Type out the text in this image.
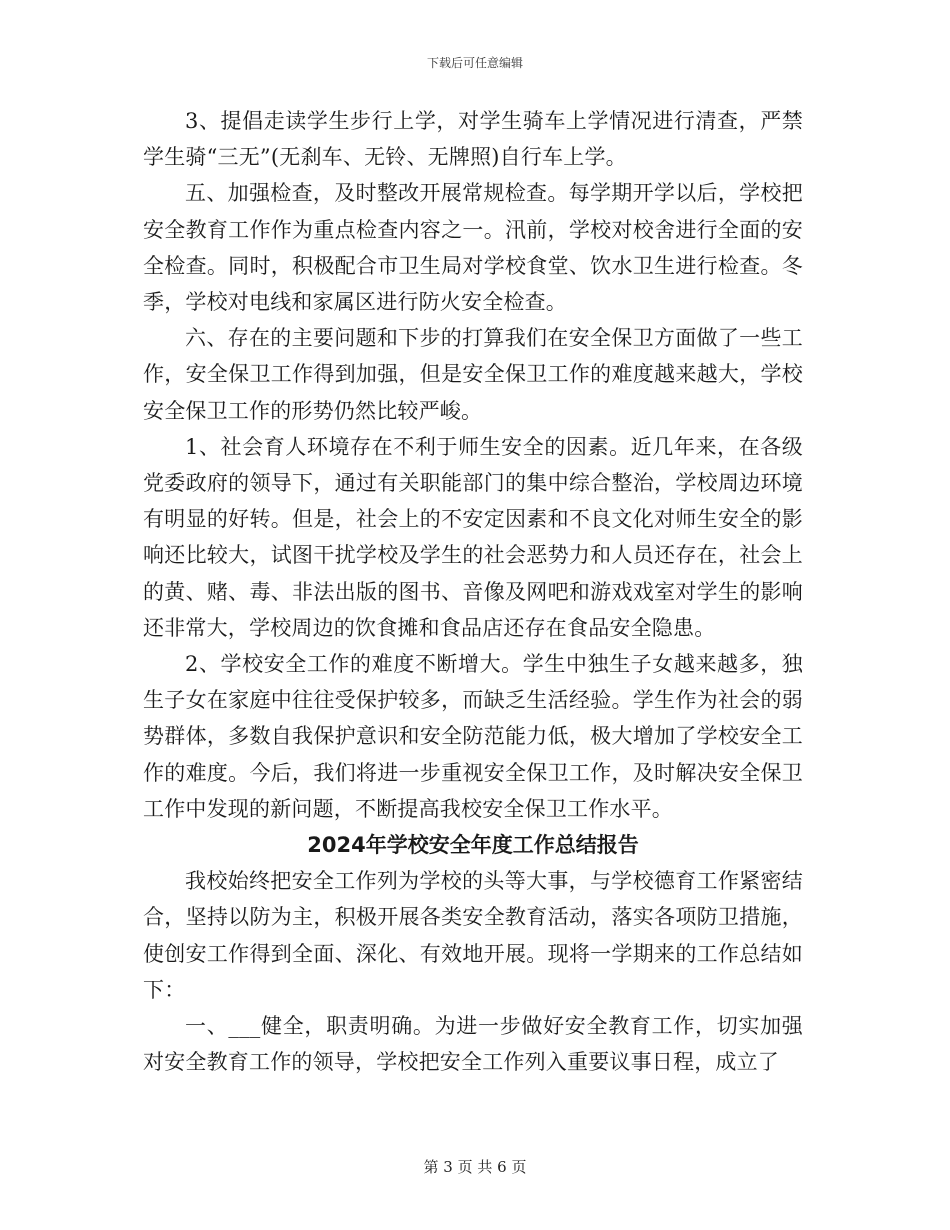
下载后可任意编辑

3、提倡走读学生步行上学，对学生骑车上学情况进行清查，严禁学生骑“三无”(无刹车、无铃、无牌照)自行车上学。

五、加强检查，及时整改开展常规检查。每学期开学以后，学校把安全教育工作作为重点检查内容之一。汛前，学校对校舍进行全面的安全检查。同时，积极配合市卫生局对学校食堂、饮水卫生进行检查。冬季，学校对电线和家属区进行防火安全检查。

六、存在的主要问题和下步的打算我们在安全保卫方面做了一些工作，安全保卫工作得到加强，但是安全保卫工作的难度越来越大，学校安全保卫工作的形势仍然比较严峻。

1、社会育人环境存在不利于师生安全的因素。近几年来，在各级党委政府的领导下，通过有关职能部门的集中综合整治，学校周边环境有明显的好转。但是，社会上的不安定因素和不良文化对师生安全的影响还比较大，试图干扰学校及学生的社会恶势力和人员还存在，社会上的黄、赌、毒、非法出版的图书、音像及网吧和游戏戏室对学生的影响还非常大，学校周边的饮食摊和食品店还存在食品安全隐患。

2、学校安全工作的难度不断增大。学生中独生子女越来越多，独生子女在家庭中往往受保护较多，而缺乏生活经验。学生作为社会的弱势群体，多数自我保护意识和安全防范能力低，极大增加了学校安全工作的难度。今后，我们将进一步重视安全保卫工作，及时解决安全保卫工作中发现的新问题，不断提高我校安全保卫工作水平。

2024年学校安全年度工作总结报告

我校始终把安全工作列为学校的头等大事，与学校德育工作紧密结合，坚持以防为主，积极开展各类安全教育活动，落实各项防卫措施，使创安工作得到全面、深化、有效地开展。现将一学期来的工作总结如下：

一、___健全，职责明确。为进一步做好安全教育工作，切实加强对安全教育工作的领导，学校把安全工作列入重要议事日程，成立了

第 3 页 共 6 页
